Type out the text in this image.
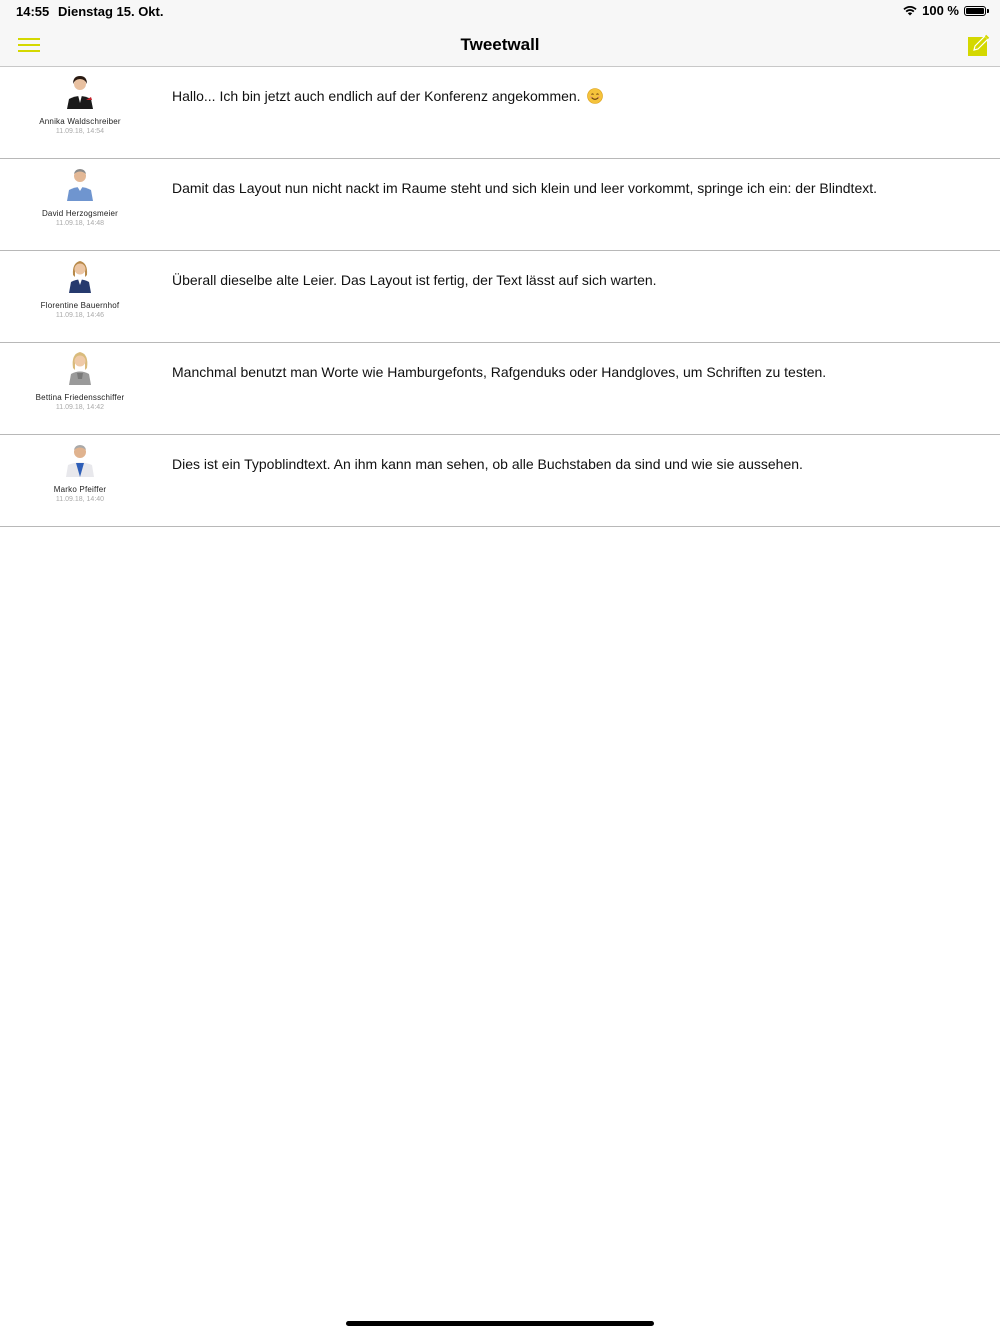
14:55 Dienstag 15. Okt.	100 %
Tweetwall
Annika Waldschreiber
11.09.18, 14:54
Hallo... Ich bin jetzt auch endlich auf der Konferenz angekommen.
David Herzogsmeier
11.09.18, 14:48
Damit das Layout nun nicht nackt im Raume steht und sich klein und leer vorkommt, springe ich ein: der Blindtext.
Florentine Bauernhof
11.09.18, 14:46
Überall dieselbe alte Leier. Das Layout ist fertig, der Text lässt auf sich warten.
Bettina Friedensschiffer
11.09.18, 14:42
Manchmal benutzt man Worte wie Hamburgefonts, Rafgenduks oder Handgloves, um Schriften zu testen.
Marko Pfeiffer
11.09.18, 14:40
Dies ist ein Typoblindtext. An ihm kann man sehen, ob alle Buchstaben da sind und wie sie aussehen.
